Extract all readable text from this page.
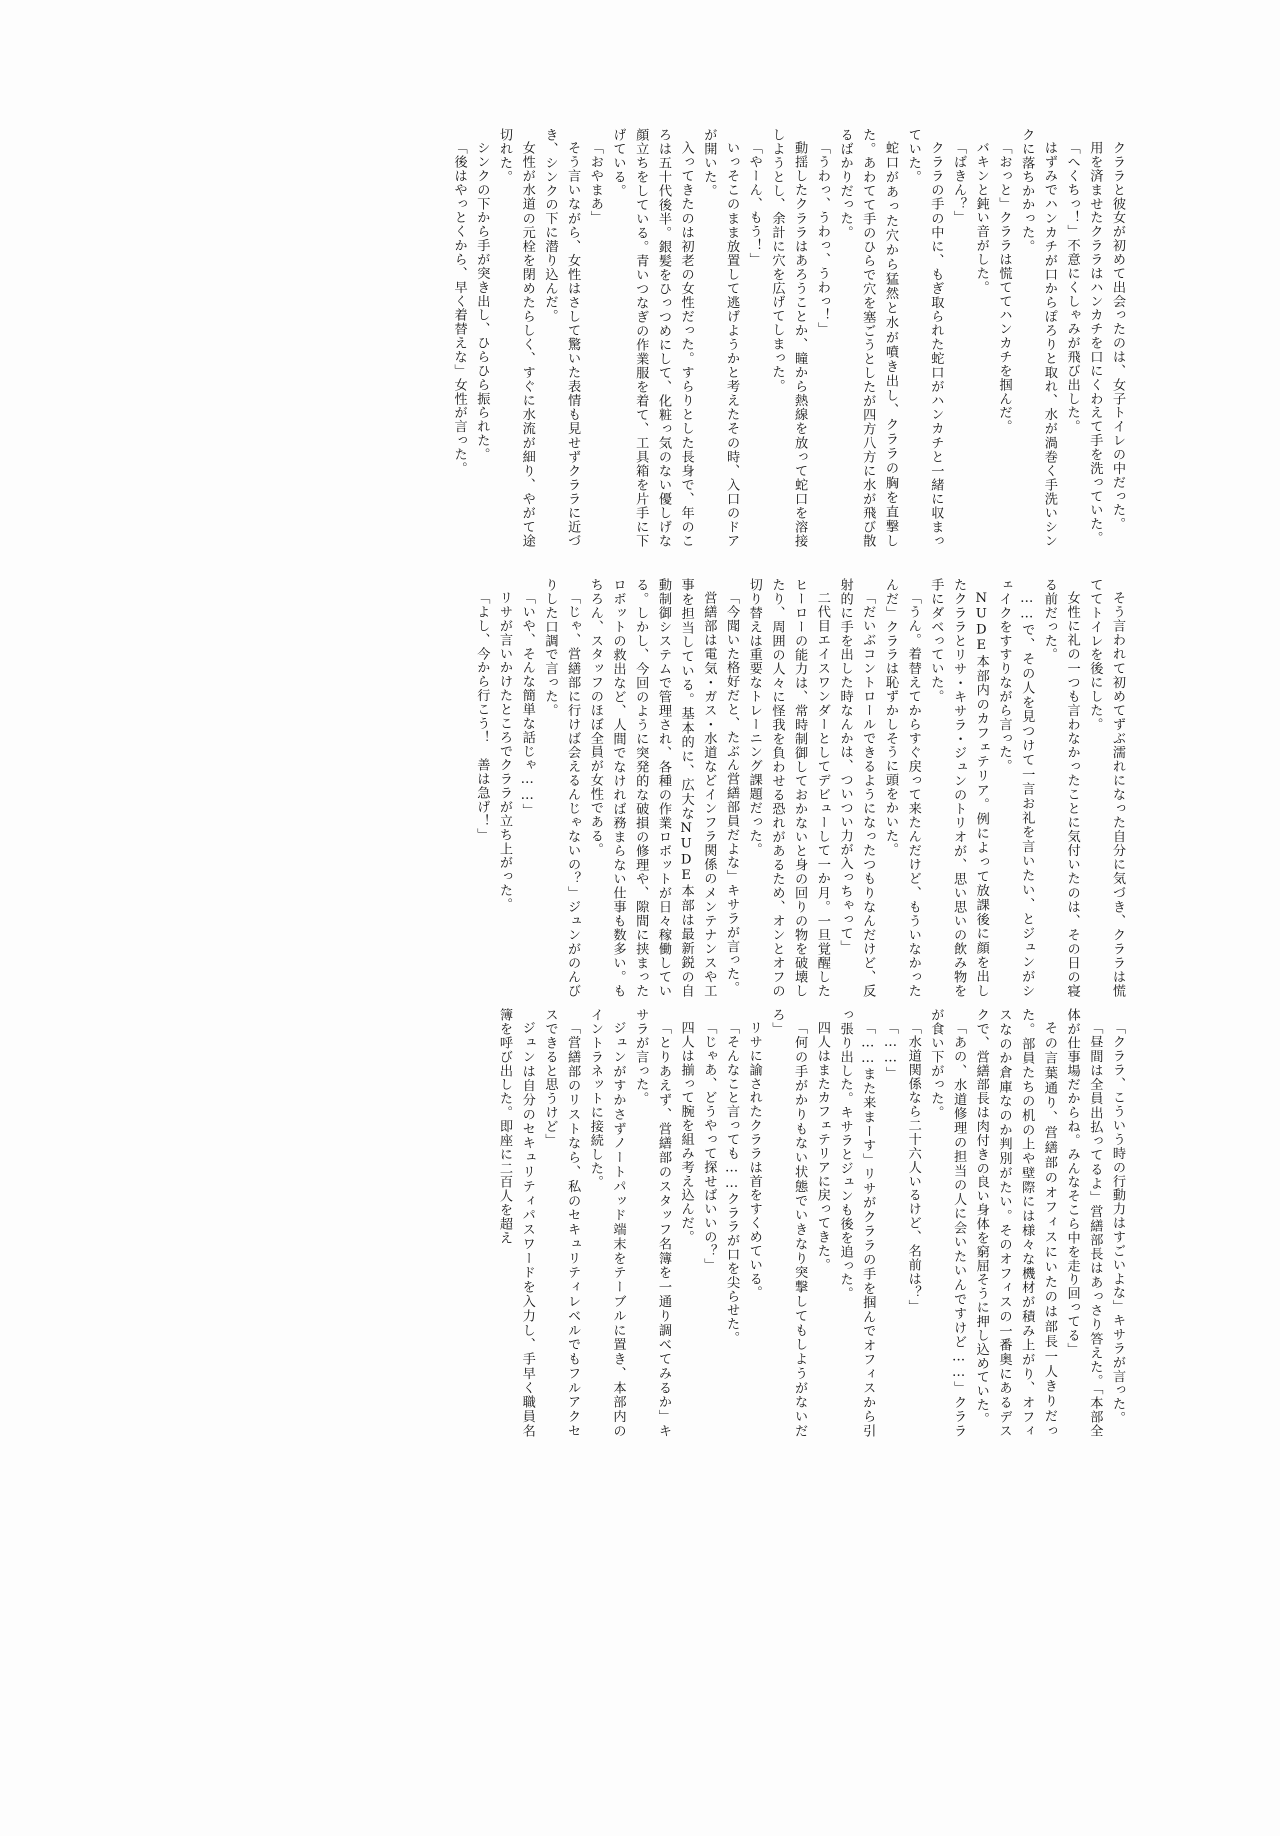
クララと彼女が初めて出会ったのは、女子トイレの中だった。

用を済ませたクララはハンカチを口にくわえて手を洗っていた。

「へくちっ！」不意にくしゃみが飛び出した。

はずみでハンカチが口からぽろりと取れ、水が渦巻く手洗いシンクに落ちかかった。

「おっと」クララは慌ててハンカチを掴んだ。

バキンと鈍い音がした。

「ばきん？」

クララの手の中に、もぎ取られた蛇口がハンカチと一緒に収まっていた。

蛇口があった穴から猛然と水が噴き出し、クララの胸を直撃した。あわてて手のひらで穴を塞ごうとしたが四方八方に水が飛び散るばかりだった。

「うわっ、うわっ、うわっ！」

動揺したクララはあろうことか、瞳から熱線を放って蛇口を溶接しようとし、余計に穴を広げてしまった。

「やーん、もう！」

いっそこのまま放置して逃げようかと考えたその時、入口のドアが開いた。

入ってきたのは初老の女性だった。すらりとした長身で、年のころは五十代後半。銀髪をひっつめにして、化粧っ気のない優しげな顔立ちをしている。青いつなぎの作業服を着て、工具箱を片手に下げている。

「おやまあ」

そう言いながら、女性はさして驚いた表情も見せずクララに近づき、シンクの下に潜り込んだ。

女性が水道の元栓を閉めたらしく、すぐに水流が細り、やがて途切れた。

シンクの下から手が突き出し、ひらひら振られた。

「後はやっとくから、早く着替えな」女性が言った。

そう言われて初めてずぶ濡れになった自分に気づき、クララは慌ててトイレを後にした。

女性に礼の一つも言わなかったことに気付いたのは、その日の寝る前だった。

……で、その人を見つけて一言お礼を言いたい、とジュンがシェイクをすすりながら言った。

NUDE本部内のカフェテリア。例によって放課後に顔を出したクララとリサ・キサラ・ジュンのトリオが、思い思いの飲み物を手にダベっていた。

「うん。着替えてからすぐ戻って来たんだけど、もういなかったんだ」クララは恥ずかしそうに頭をかいた。

「だいぶコントロールできるようになったつもりなんだけど、反射的に手を出した時なんかは、ついつい力が入っちゃって」

二代目エイスワンダーとしてデビューして一か月。一旦覚醒したヒーローの能力は、常時制御しておかないと身の回りの物を破壊したり、周囲の人々に怪我を負わせる恐れがあるため、オンとオフの切り替えは重要なトレーニング課題だった。

「今聞いた格好だと、たぶん営繕部員だよな」キサラが言った。

営繕部は電気・ガス・水道などインフラ関係のメンテナンスや工事を担当している。基本的に、広大なNUDE本部は最新鋭の自動制御システムで管理され、各種の作業ロボットが日々稼働している。しかし、今回のように突発的な破損の修理や、隙間に挟まったロボットの救出など、人間でなければ務まらない仕事も数多い。もちろん、スタッフのほぼ全員が女性である。

「じゃ、営繕部に行けば会えるんじゃないの？」ジュンがのんびりした口調で言った。

「いや、そんな簡単な話じゃ……」

リサが言いかけたところでクララが立ち上がった。

「よし、今から行こう！　善は急げ！」

「クララ、こういう時の行動力はすごいよな」キサラが言った。

「昼間は全員出払ってるよ」営繕部長はあっさり答えた。「本部全体が仕事場だからね。みんなそこら中を走り回ってる」

その言葉通り、営繕部のオフィスにいたのは部長一人きりだった。部員たちの机の上や壁際には様々な機材が積み上がり、オフィスなのか倉庫なのか判別がたい。そのオフィスの一番奥にあるデスクで、営繕部長は肉付きの良い身体を窮屈そうに押し込めていた。

「あの、水道修理の担当の人に会いたいんですけど……」クララが食い下がった。

「水道関係なら二十六人いるけど、名前は？」

「……」

「……また来まーす」リサがクララの手を掴んでオフィスから引っ張り出した。キサラとジュンも後を追った。

四人はまたカフェテリアに戻ってきた。

「何の手がかりもない状態でいきなり突撃してもしようがないだろ」

リサに諭されたクララは首をすくめている。

「そんなこと言っても……クララが口を尖らせた。

「じゃあ、どうやって探せばいいの？」

四人は揃って腕を組み考え込んだ。

「とりあえず、営繕部のスタッフ名簿を一通り調べてみるか」キサラが言った。

ジュンがすかさずノートパッド端末をテーブルに置き、本部内のイントラネットに接続した。

「営繕部のリストなら、私のセキュリティレベルでもフルアクセスできると思うけど」

ジュンは自分のセキュリティパスワードを入力し、手早く職員名簿を呼び出した。即座に二百人を超え
